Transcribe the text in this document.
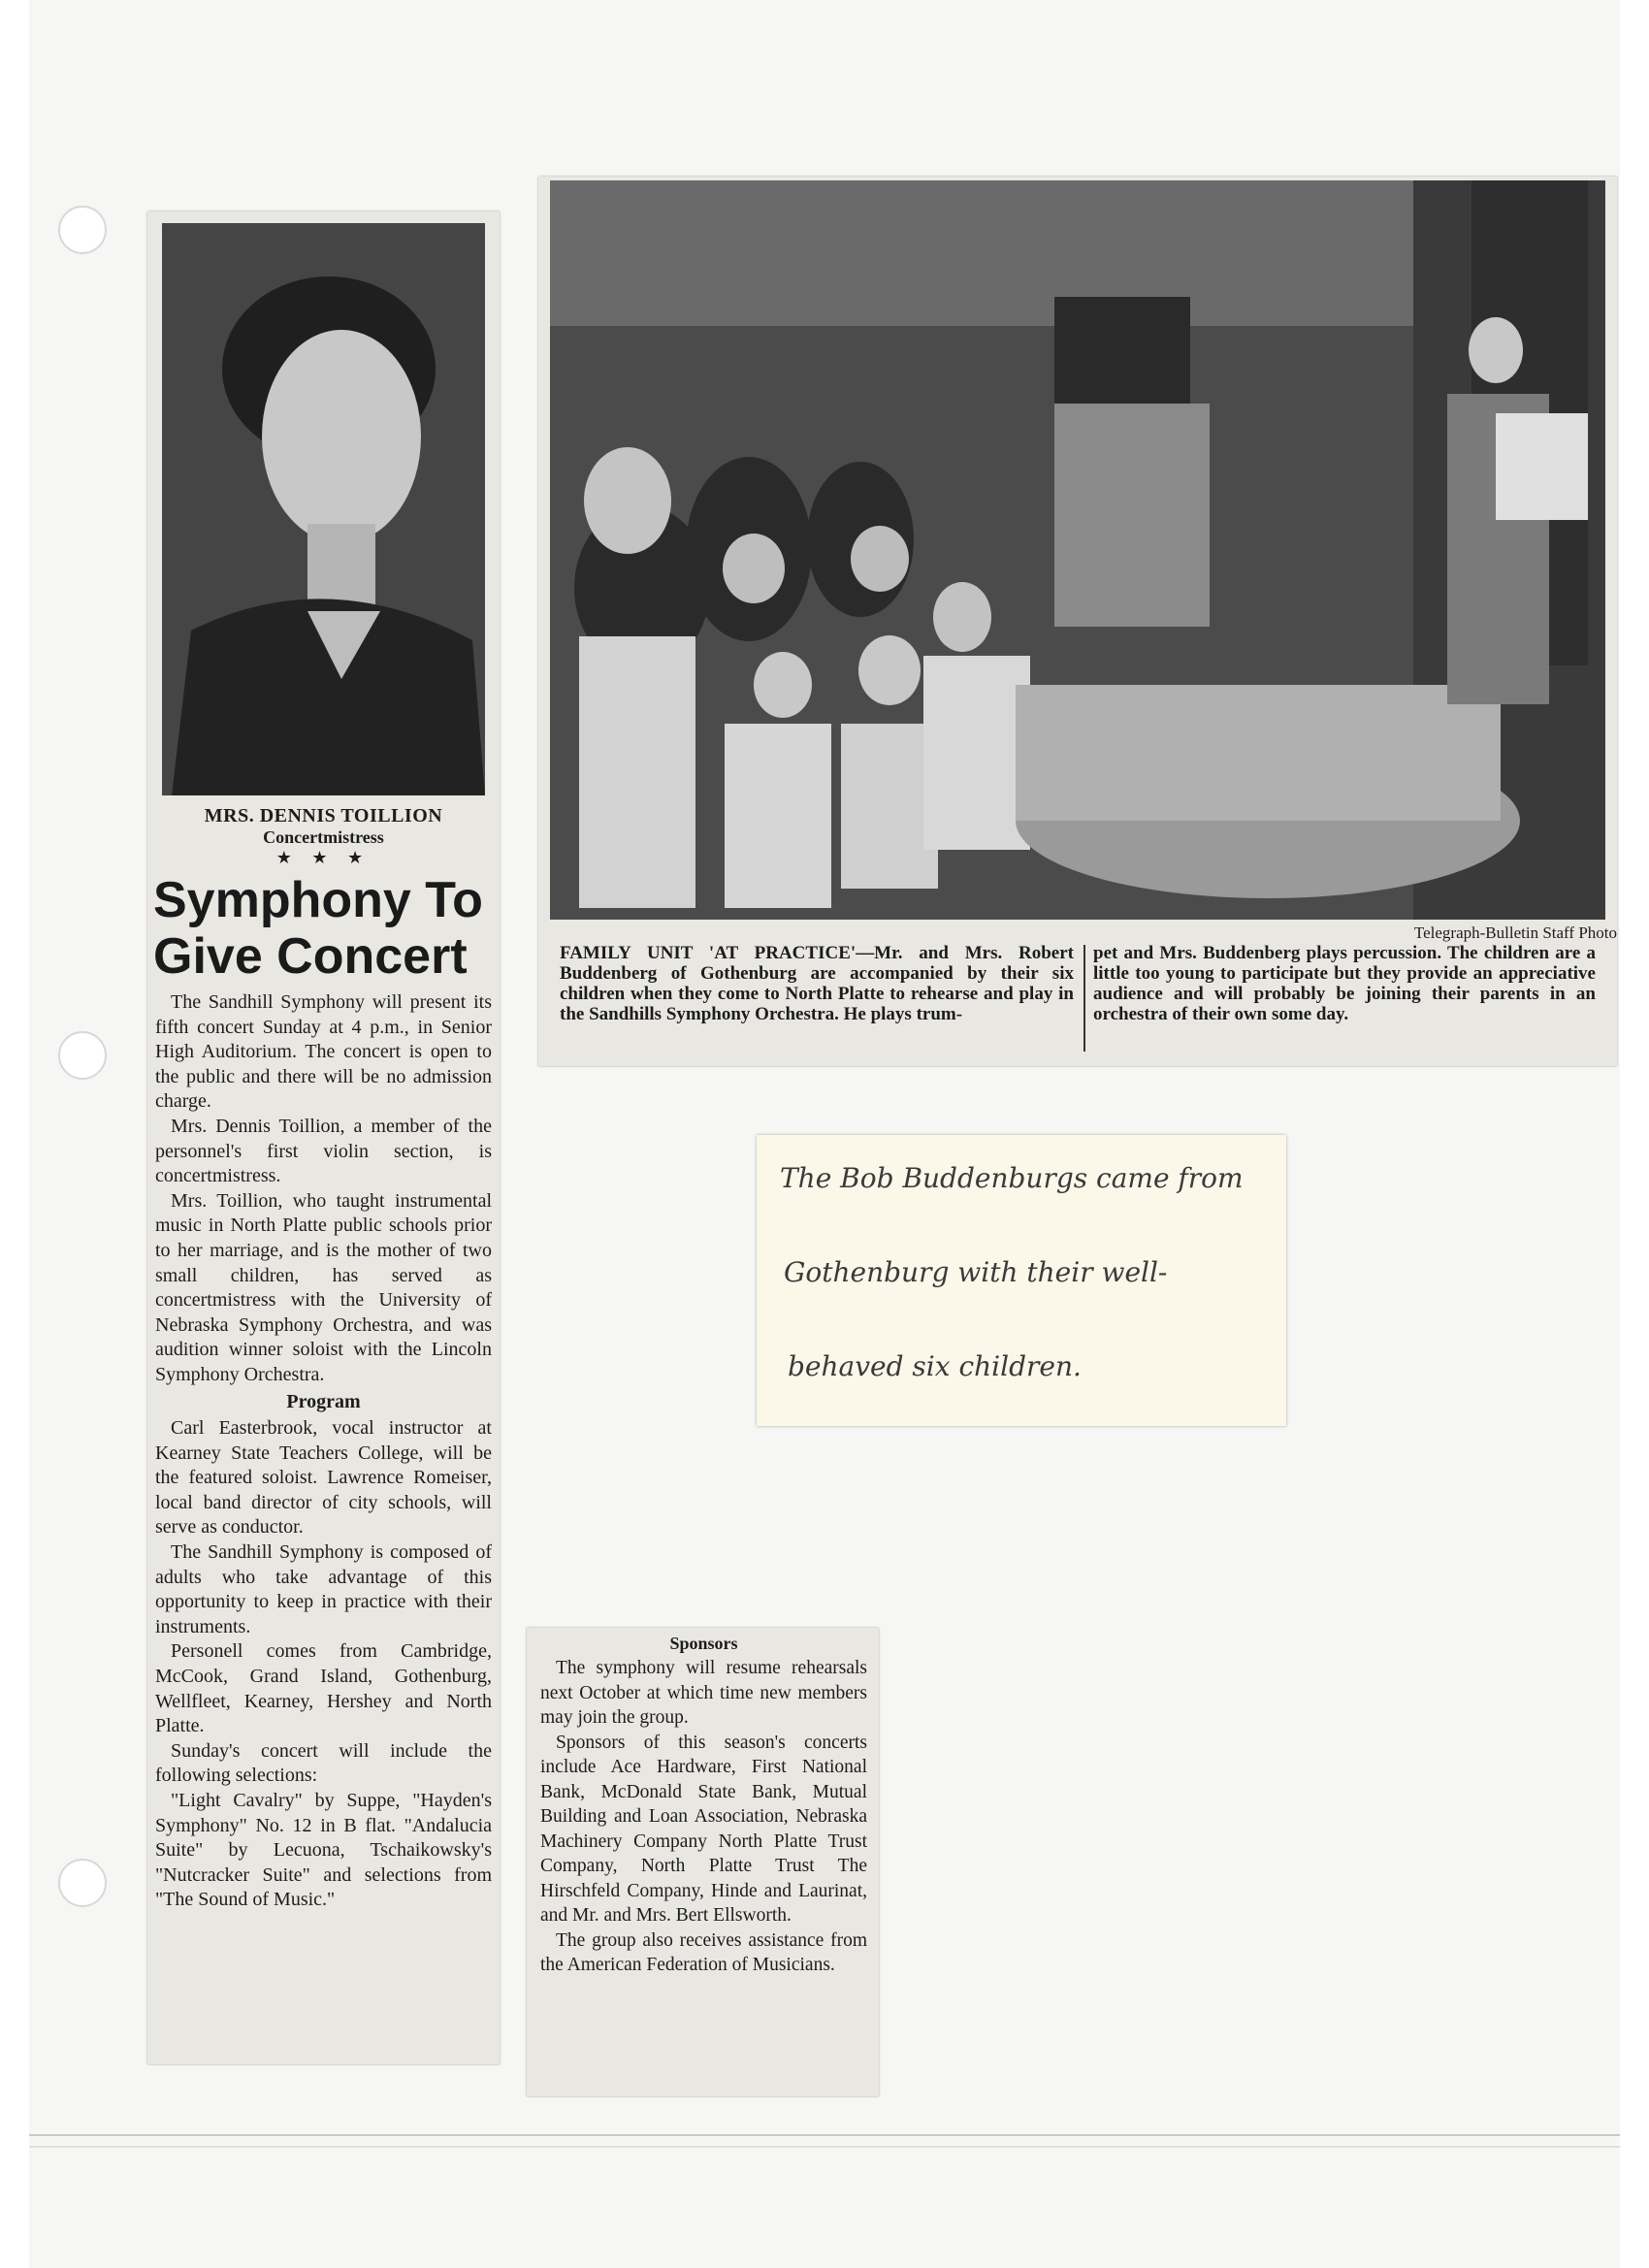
MRS. DENNIS TOILLION
Concertmistress
★ ★ ★
Symphony To
Give Concert

The Sandhill Symphony will present its fifth concert Sunday at 4 p.m., in Senior High Auditorium. The concert is open to the public and there will be no admission charge.

Mrs. Dennis Toillion, a member of the personnel's first violin section, is concertmistress.

Mrs. Toillion, who taught instrumental music in North Platte public schools prior to her marriage, and is the mother of two small children, has served as concertmistress with the University of Nebraska Symphony Orchestra, and was audition winner soloist with the Lincoln Symphony Orchestra.

Program

Carl Easterbrook, vocal instructor at Kearney State Teachers College, will be the featured soloist. Lawrence Romeiser, local band director of city schools, will serve as conductor.

The Sandhill Symphony is composed of adults who take advantage of this opportunity to keep in practice with their instruments.

Personell comes from Cambridge, McCook, Grand Island, Gothenburg, Wellfleet, Kearney, Hershey and North Platte.

Sunday's concert will include the following selections:

"Light Cavalry" by Suppe, "Hayden's Symphony" No. 12 in B flat. "Andalucia Suite" by Lecuona, Tschaikowsky's "Nutcracker Suite" and selections from "The Sound of Music."

Telegraph-Bulletin Staff Photo
FAMILY UNIT 'AT PRACTICE'—Mr. and Mrs. Robert Buddenberg of Gothenburg are accompanied by their six children when they come to North Platte to rehearse and play in the Sandhills Symphony Orchestra. He plays trum-
pet and Mrs. Buddenberg plays percussion. The children are a little too young to participate but they provide an appreciative audience and will probably be joining their parents in an orchestra of their own some day.
The Bob Buddenburgs came from
Gothenburg with their well-
behaved six children.
Sponsors

The symphony will resume rehearsals next October at which time new members may join the group.

Sponsors of this season's concerts include Ace Hardware, First National Bank, McDonald State Bank, Mutual Building and Loan Association, Nebraska Machinery Company North Platte Trust Company, North Platte Trust The Hirschfeld Company, Hinde and Laurinat, and Mr. and Mrs. Bert Ellsworth.

The group also receives assistance from the American Federation of Musicians.
